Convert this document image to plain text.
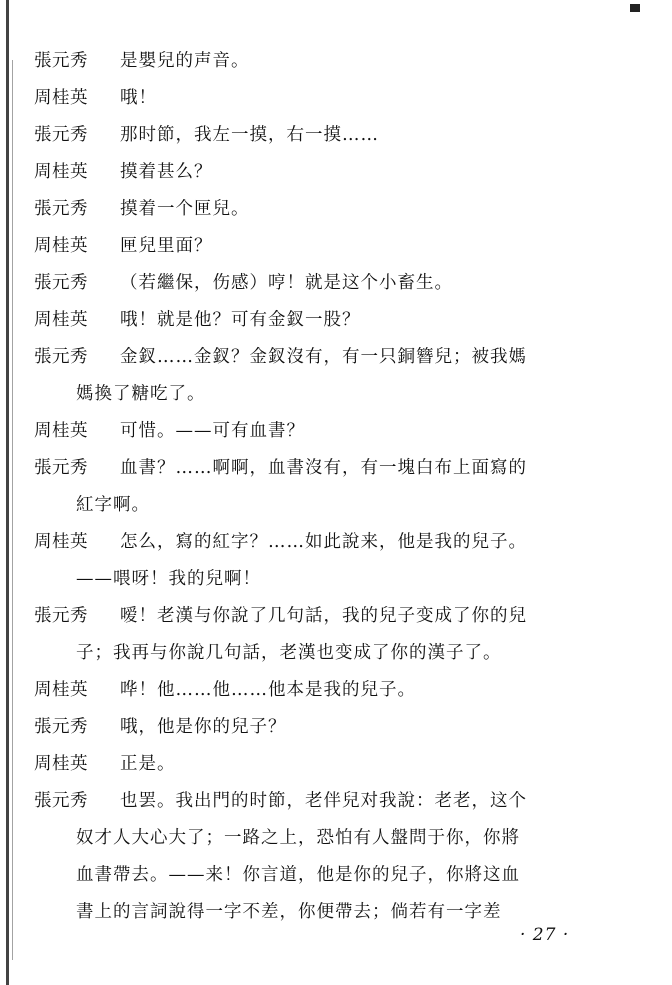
張元秀	是嬰兒的声音。
周桂英	哦！
張元秀	那时節，我左一摸，右一摸……
周桂英	摸着甚么？
張元秀	摸着一个匣兒。
周桂英	匣兒里面？
張元秀	（若繼保，伤感）哼！就是这个小畜生。
周桂英	哦！就是他？可有金釵一股？
張元秀	金釵……金釵？金釵沒有，有一只銅簪兒；被我媽
媽換了糖吃了。
周桂英	可惜。——可有血書？
張元秀	血書？……啊啊，血書沒有，有一塊白布上面寫的
紅字啊。
周桂英	怎么，寫的紅字？……如此說来，他是我的兒子。
——喂呀！我的兒啊！
張元秀	嗳！老漢与你說了几句話，我的兒子变成了你的兒
子；我再与你說几句話，老漢也变成了你的漢子了。
周桂英	哗！他……他……他本是我的兒子。
張元秀	哦，他是你的兒子？
周桂英	正是。
張元秀	也罢。我出門的时節，老伴兒对我說：老老，这个
奴才人大心大了；一路之上，恐怕有人盤問于你，你將
血書帶去。——来！你言道，他是你的兒子，你將这血
書上的言詞說得一字不差，你便帶去；倘若有一字差
· 27 ·
